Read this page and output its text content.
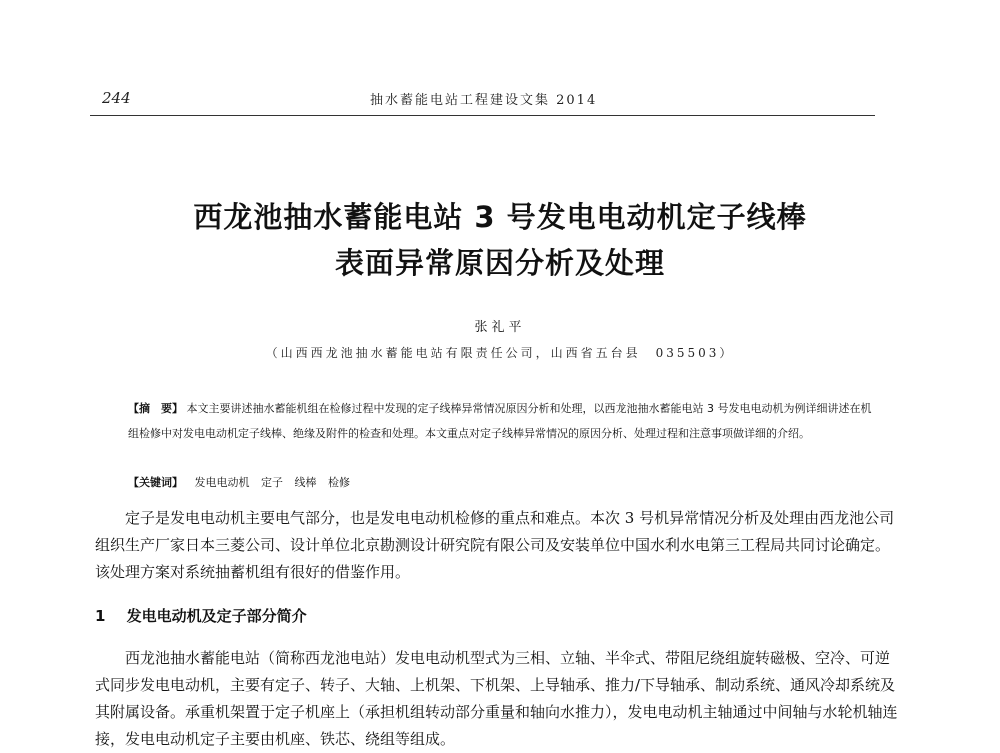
244	抽水蓄能电站工程建设文集 2014
西龙池抽水蓄能电站 3 号发电电动机定子线棒
表面异常原因分析及处理
张礼平
（山西西龙池抽水蓄能电站有限责任公司，山西省五台县　035503）
【摘　要】 本文主要讲述抽水蓄能机组在检修过程中发现的定子线棒异常情况原因分析和处理，以西龙池抽水蓄能电站 3 号发电电动机为例详细讲述在机组检修中对发电电动机定子线棒、绝缘及附件的检查和处理。本文重点对定子线棒异常情况的原因分析、处理过程和注意事项做详细的介绍。
【关键词】 发电电动机 定子 线棒 检修
定子是发电电动机主要电气部分，也是发电电动机检修的重点和难点。本次 3 号机异常情况分析及处理由西龙池公司组织生产厂家日本三菱公司、设计单位北京勘测设计研究院有限公司及安装单位中国水利水电第三工程局共同讨论确定。该处理方案对系统抽蓄机组有很好的借鉴作用。
1 发电电动机及定子部分简介
西龙池抽水蓄能电站（简称西龙池电站）发电电动机型式为三相、立轴、半伞式、带阻尼绕组旋转磁极、空冷、可逆式同步发电电动机，主要有定子、转子、大轴、上机架、下机架、上导轴承、推力/下导轴承、制动系统、通风冷却系统及其附属设备。承重机架置于定子机座上（承担机组转动部分重量和轴向水推力），发电电动机主轴通过中间轴与水轮机轴连接，发电电动机定子主要由机座、铁芯、绕组等组成。
